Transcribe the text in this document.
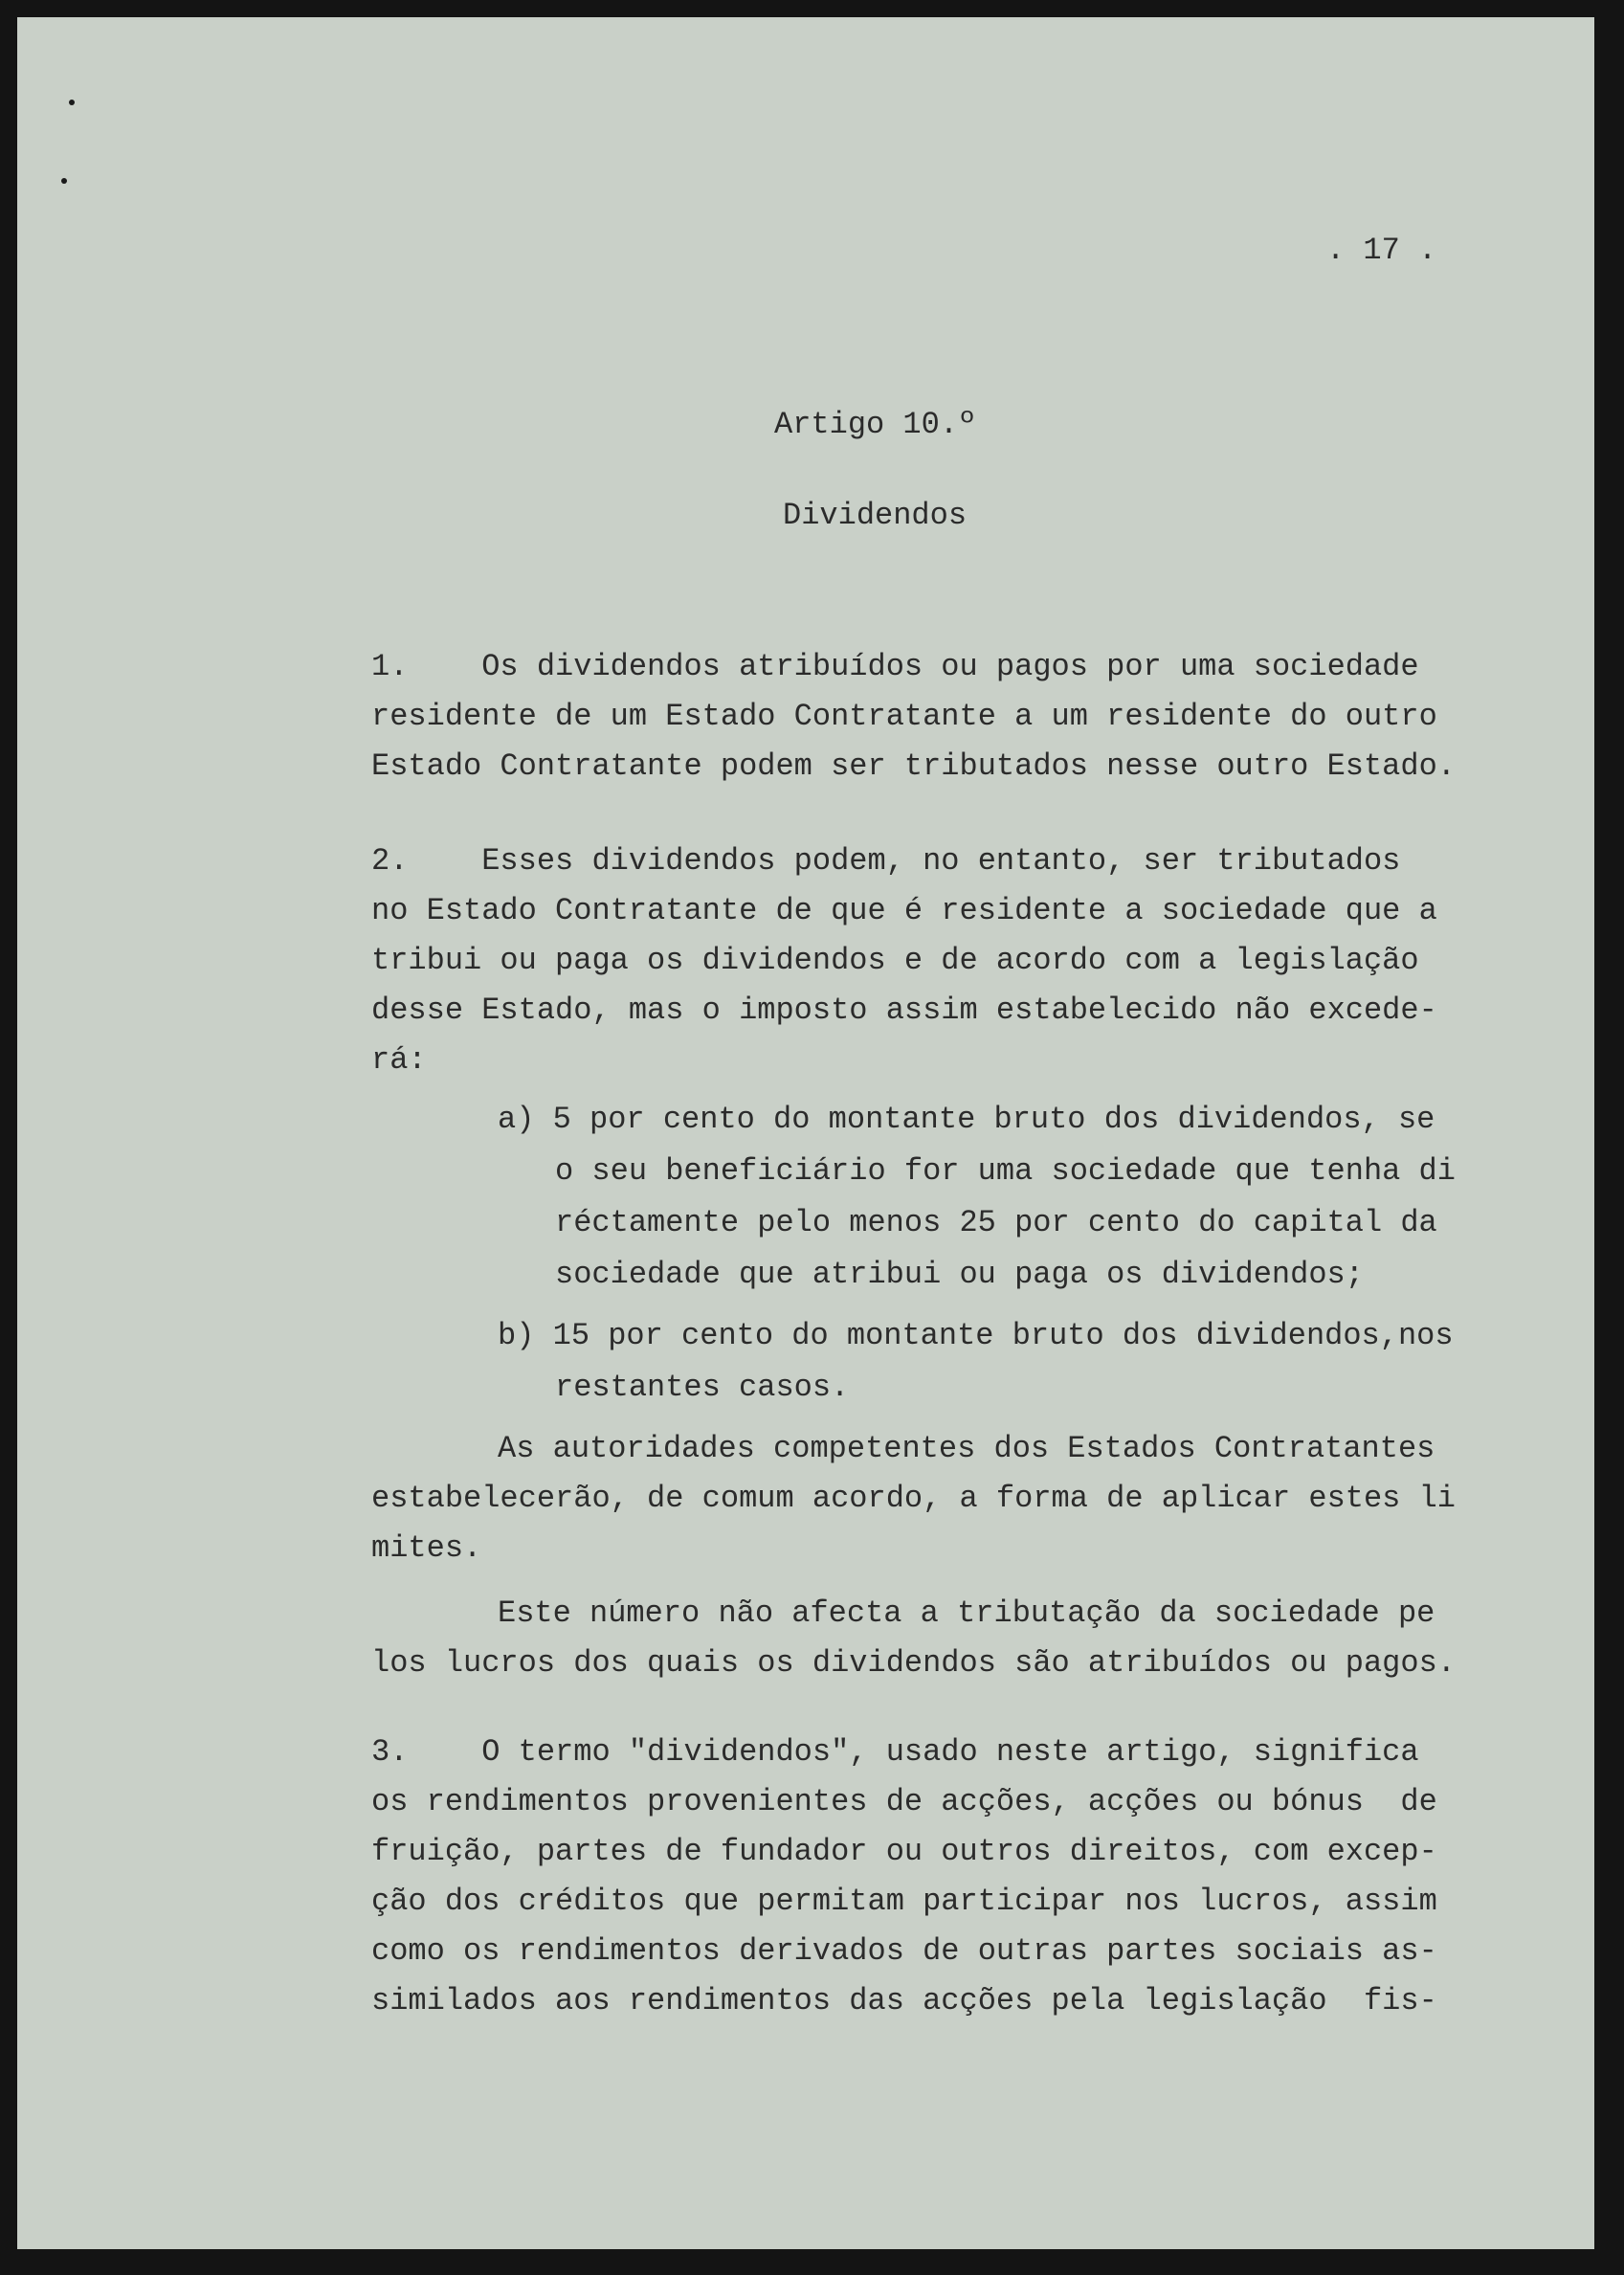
. 17 .
Artigo 10.º
Dividendos
1.    Os dividendos atribuídos ou pagos por uma sociedade
residente de um Estado Contratante a um residente do outro
Estado Contratante podem ser tributados nesse outro Estado.
2.    Esses dividendos podem, no entanto, ser tributados
no Estado Contratante de que é residente a sociedade que a
tribui ou paga os dividendos e de acordo com a legislação
desse Estado, mas o imposto assim estabelecido não excede-
rá:
a) 5 por cento do montante bruto dos dividendos, se
o seu beneficiário for uma sociedade que tenha di
réctamente pelo menos 25 por cento do capital da
sociedade que atribui ou paga os dividendos;
b) 15 por cento do montante bruto dos dividendos,nos
restantes casos.
As autoridades competentes dos Estados Contratantes
estabelecerão, de comum acordo, a forma de aplicar estes li
mites.
Este número não afecta a tributação da sociedade pe
los lucros dos quais os dividendos são atribuídos ou pagos.
3.    O termo "dividendos", usado neste artigo, significa
os rendimentos provenientes de acções, acções ou bónus  de
fruição, partes de fundador ou outros direitos, com excep-
ção dos créditos que permitam participar nos lucros, assim
como os rendimentos derivados de outras partes sociais as-
similados aos rendimentos das acções pela legislação  fis-
